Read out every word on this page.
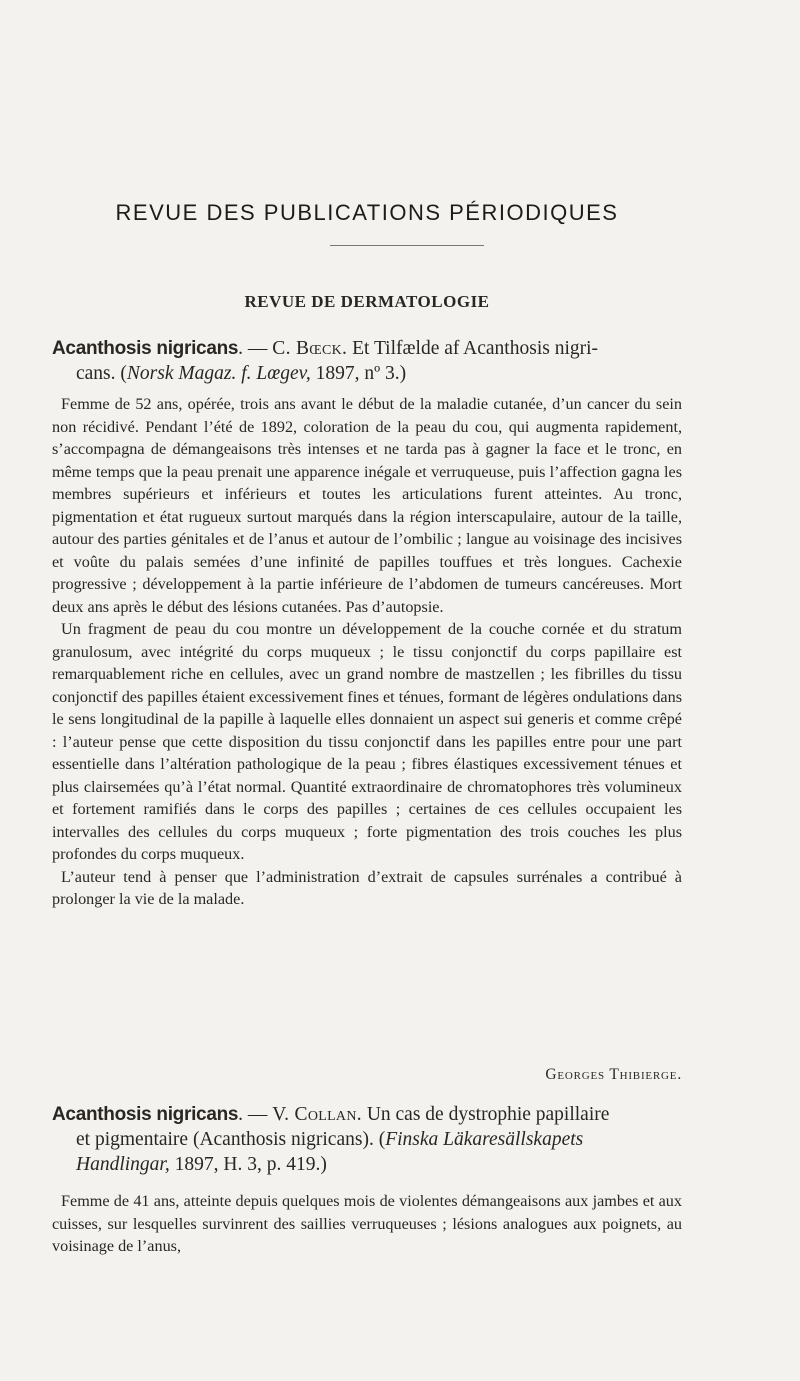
REVUE DES PUBLICATIONS PÉRIODIQUES
REVUE DE DERMATOLOGIE
Acanthosis nigricans. — C. Bœck. Et Tilfælde af Acanthosis nigri-
cans. (Norsk Magaz. f. Lœgev, 1897, nº 3.)

Femme de 52 ans, opérée, trois ans avant le début de la maladie cutanée, d’un cancer du sein non récidivé. Pendant l’été de 1892, coloration de la peau du cou, qui augmenta rapidement, s’accompagna de démangeaisons très intenses et ne tarda pas à gagner la face et le tronc, en même temps que la peau prenait une apparence inégale et verruqueuse, puis l’affection gagna les membres supérieurs et inférieurs et toutes les articulations furent atteintes. Au tronc, pigmentation et état rugueux surtout marqués dans la région interscapulaire, autour de la taille, autour des parties génitales et de l’anus et autour de l’ombilic ; langue au voisinage des incisives et voûte du palais semées d’une infinité de papilles touffues et très longues. Cachexie progressive ; développement à la partie inférieure de l’abdomen de tumeurs cancéreuses. Mort deux ans après le début des lésions cutanées. Pas d’autopsie.

Un fragment de peau du cou montre un développement de la couche cornée et du stratum granulosum, avec intégrité du corps muqueux ; le tissu conjonctif du corps papillaire est remarquablement riche en cellules, avec un grand nombre de mastzellen ; les fibrilles du tissu conjonctif des papilles étaient excessivement fines et ténues, formant de légères ondulations dans le sens longitudinal de la papille à laquelle elles donnaient un aspect sui generis et comme crêpé : l’auteur pense que cette disposition du tissu conjonctif dans les papilles entre pour une part essentielle dans l’altération pathologique de la peau ; fibres élastiques excessivement ténues et plus clairsemées qu’à l’état normal. Quantité extraordinaire de chromatophores très volumineux et fortement ramifiés dans le corps des papilles ; certaines de ces cellules occupaient les intervalles des cellules du corps muqueux ; forte pigmentation des trois couches les plus profondes du corps muqueux.

L’auteur tend à penser que l’administration d’extrait de capsules surrénales a contribué à prolonger la vie de la malade.

Georges Thibierge.
Acanthosis nigricans. — V. Collan. Un cas de dystrophie papillaire
et pigmentaire (Acanthosis nigricans). (Finska Läkaresällskapets
Handlingar, 1897, H. 3, p. 419.)

Femme de 41 ans, atteinte depuis quelques mois de violentes démangeaisons aux jambes et aux cuisses, sur lesquelles survinrent des saillies verruqueuses ; lésions analogues aux poignets, au voisinage de l’anus,
